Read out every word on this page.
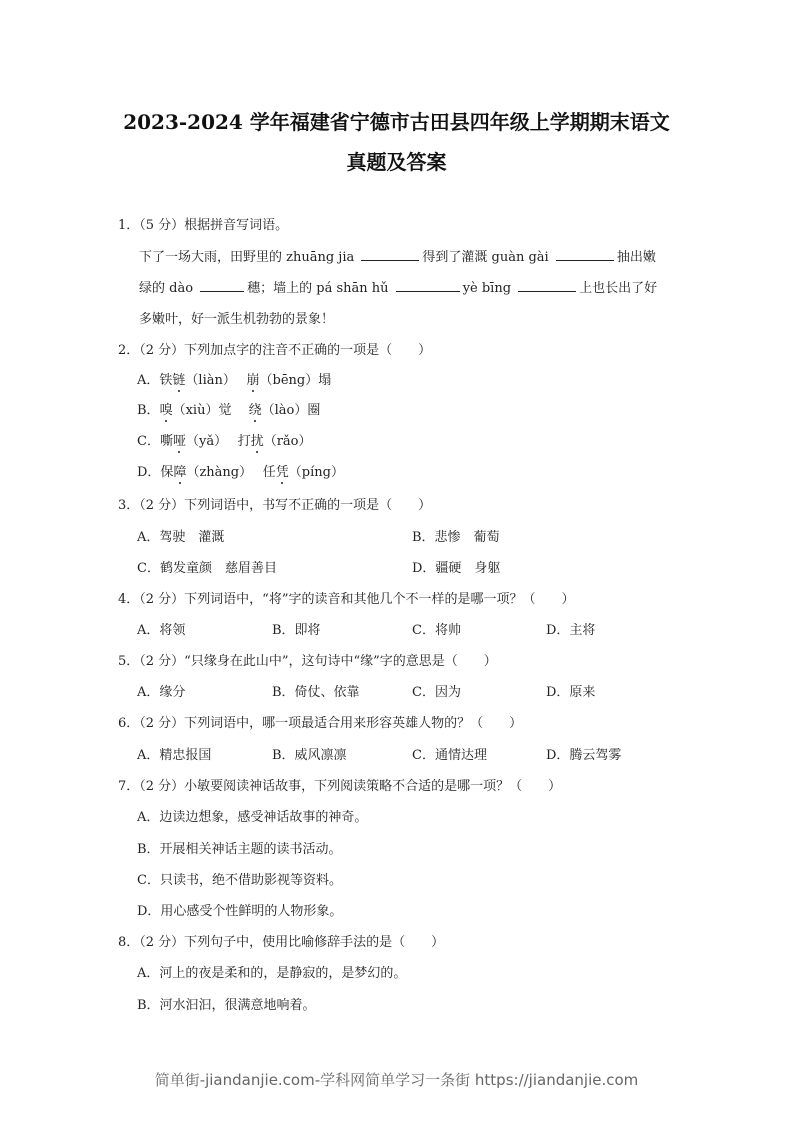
2023-2024 学年福建省宁德市古田县四年级上学期期末语文
真题及答案
1．（5 分）根据拼音写词语。
下了一场大雨，田野里的 zhuāng jia	得到了灌溉 guàn gài	抽出嫩
绿的 dào	穗；墙上的 pá shān hǔ	yè bīng	上也长出了好
多嫩叶，好一派生机勃勃的景象！
2．（2 分）下列加点字的注音不正确的一项是（　　）
A．铁链（liàn）　 崩（bēng）塌
B．嗅（xiù）觉　 绕（lào）圈
C．嘶哑（yǎ）　 打扰（rǎo）
D．保障（zhàng）　 任凭（píng）
3．（2 分）下列词语中，书写不正确的一项是（　　）
A．驾驶　灌溉	B．悲惨　葡萄
C．鹤发童颜　慈眉善目	D．疆硬　身躯
4．（2 分）下列词语中，“将”字的读音和其他几个不一样的是哪一项？（　　）
A．将领	B．即将	C．将帅	D．主将
5．（2 分）“只缘身在此山中”，这句诗中“缘”字的意思是（　　）
A．缘分	B．倚仗、依靠	C．因为	D．原来
6．（2 分）下列词语中，哪一项最适合用来形容英雄人物的？（　　）
A．精忠报国	B．威风凛凛	C．通情达理	D．腾云驾雾
7．（2 分）小敏要阅读神话故事，下列阅读策略不合适的是哪一项？（　　）
A．边读边想象，感受神话故事的神奇。
B．开展相关神话主题的读书活动。
C．只读书，绝不借助影视等资料。
D．用心感受个性鲜明的人物形象。
8．（2 分）下列句子中，使用比喻修辞手法的是（　　）
A．河上的夜是柔和的，是静寂的，是梦幻的。
B．河水汩汩，很满意地响着。
简单街-jiandanjie.com-学科网简单学习一条街 https://jiandanjie.com
